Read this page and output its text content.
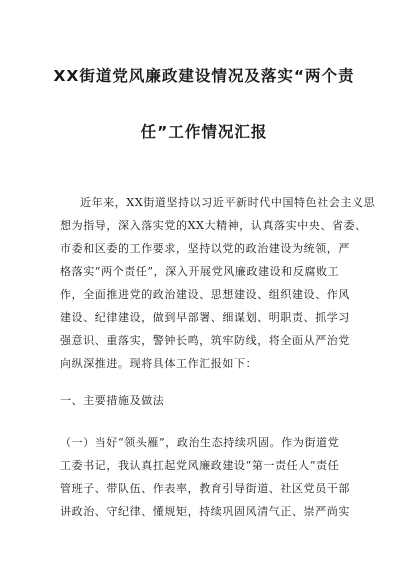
XX街道党风廉政建设情况及落实“两个责
任”工作情况汇报
近年来，XX街道坚持以习近平新时代中国特色社会主义思
想为指导，深入落实党的XX大精神，认真落实中央、省委、
市委和区委的工作要求，坚持以党的政治建设为统领，严
格落实“两个责任”，深入开展党风廉政建设和反腐败工
作，全面推进党的政治建设、思想建设、组织建设、作风
建设、纪律建设，做到早部署、细谋划、明职责、抓学习
强意识、重落实，警钟长鸣，筑牢防线，将全面从严治党
向纵深推进。现将具体工作汇报如下：
一、主要措施及做法
（一）当好“领头雁”，政治生态持续巩固。作为街道党
工委书记，我认真扛起党风廉政建设“第一责任人”责任
管班子、带队伍、作表率，教育引导街道、社区党员干部
讲政治、守纪律、懂规矩，持续巩固风清气正、崇严尚实
